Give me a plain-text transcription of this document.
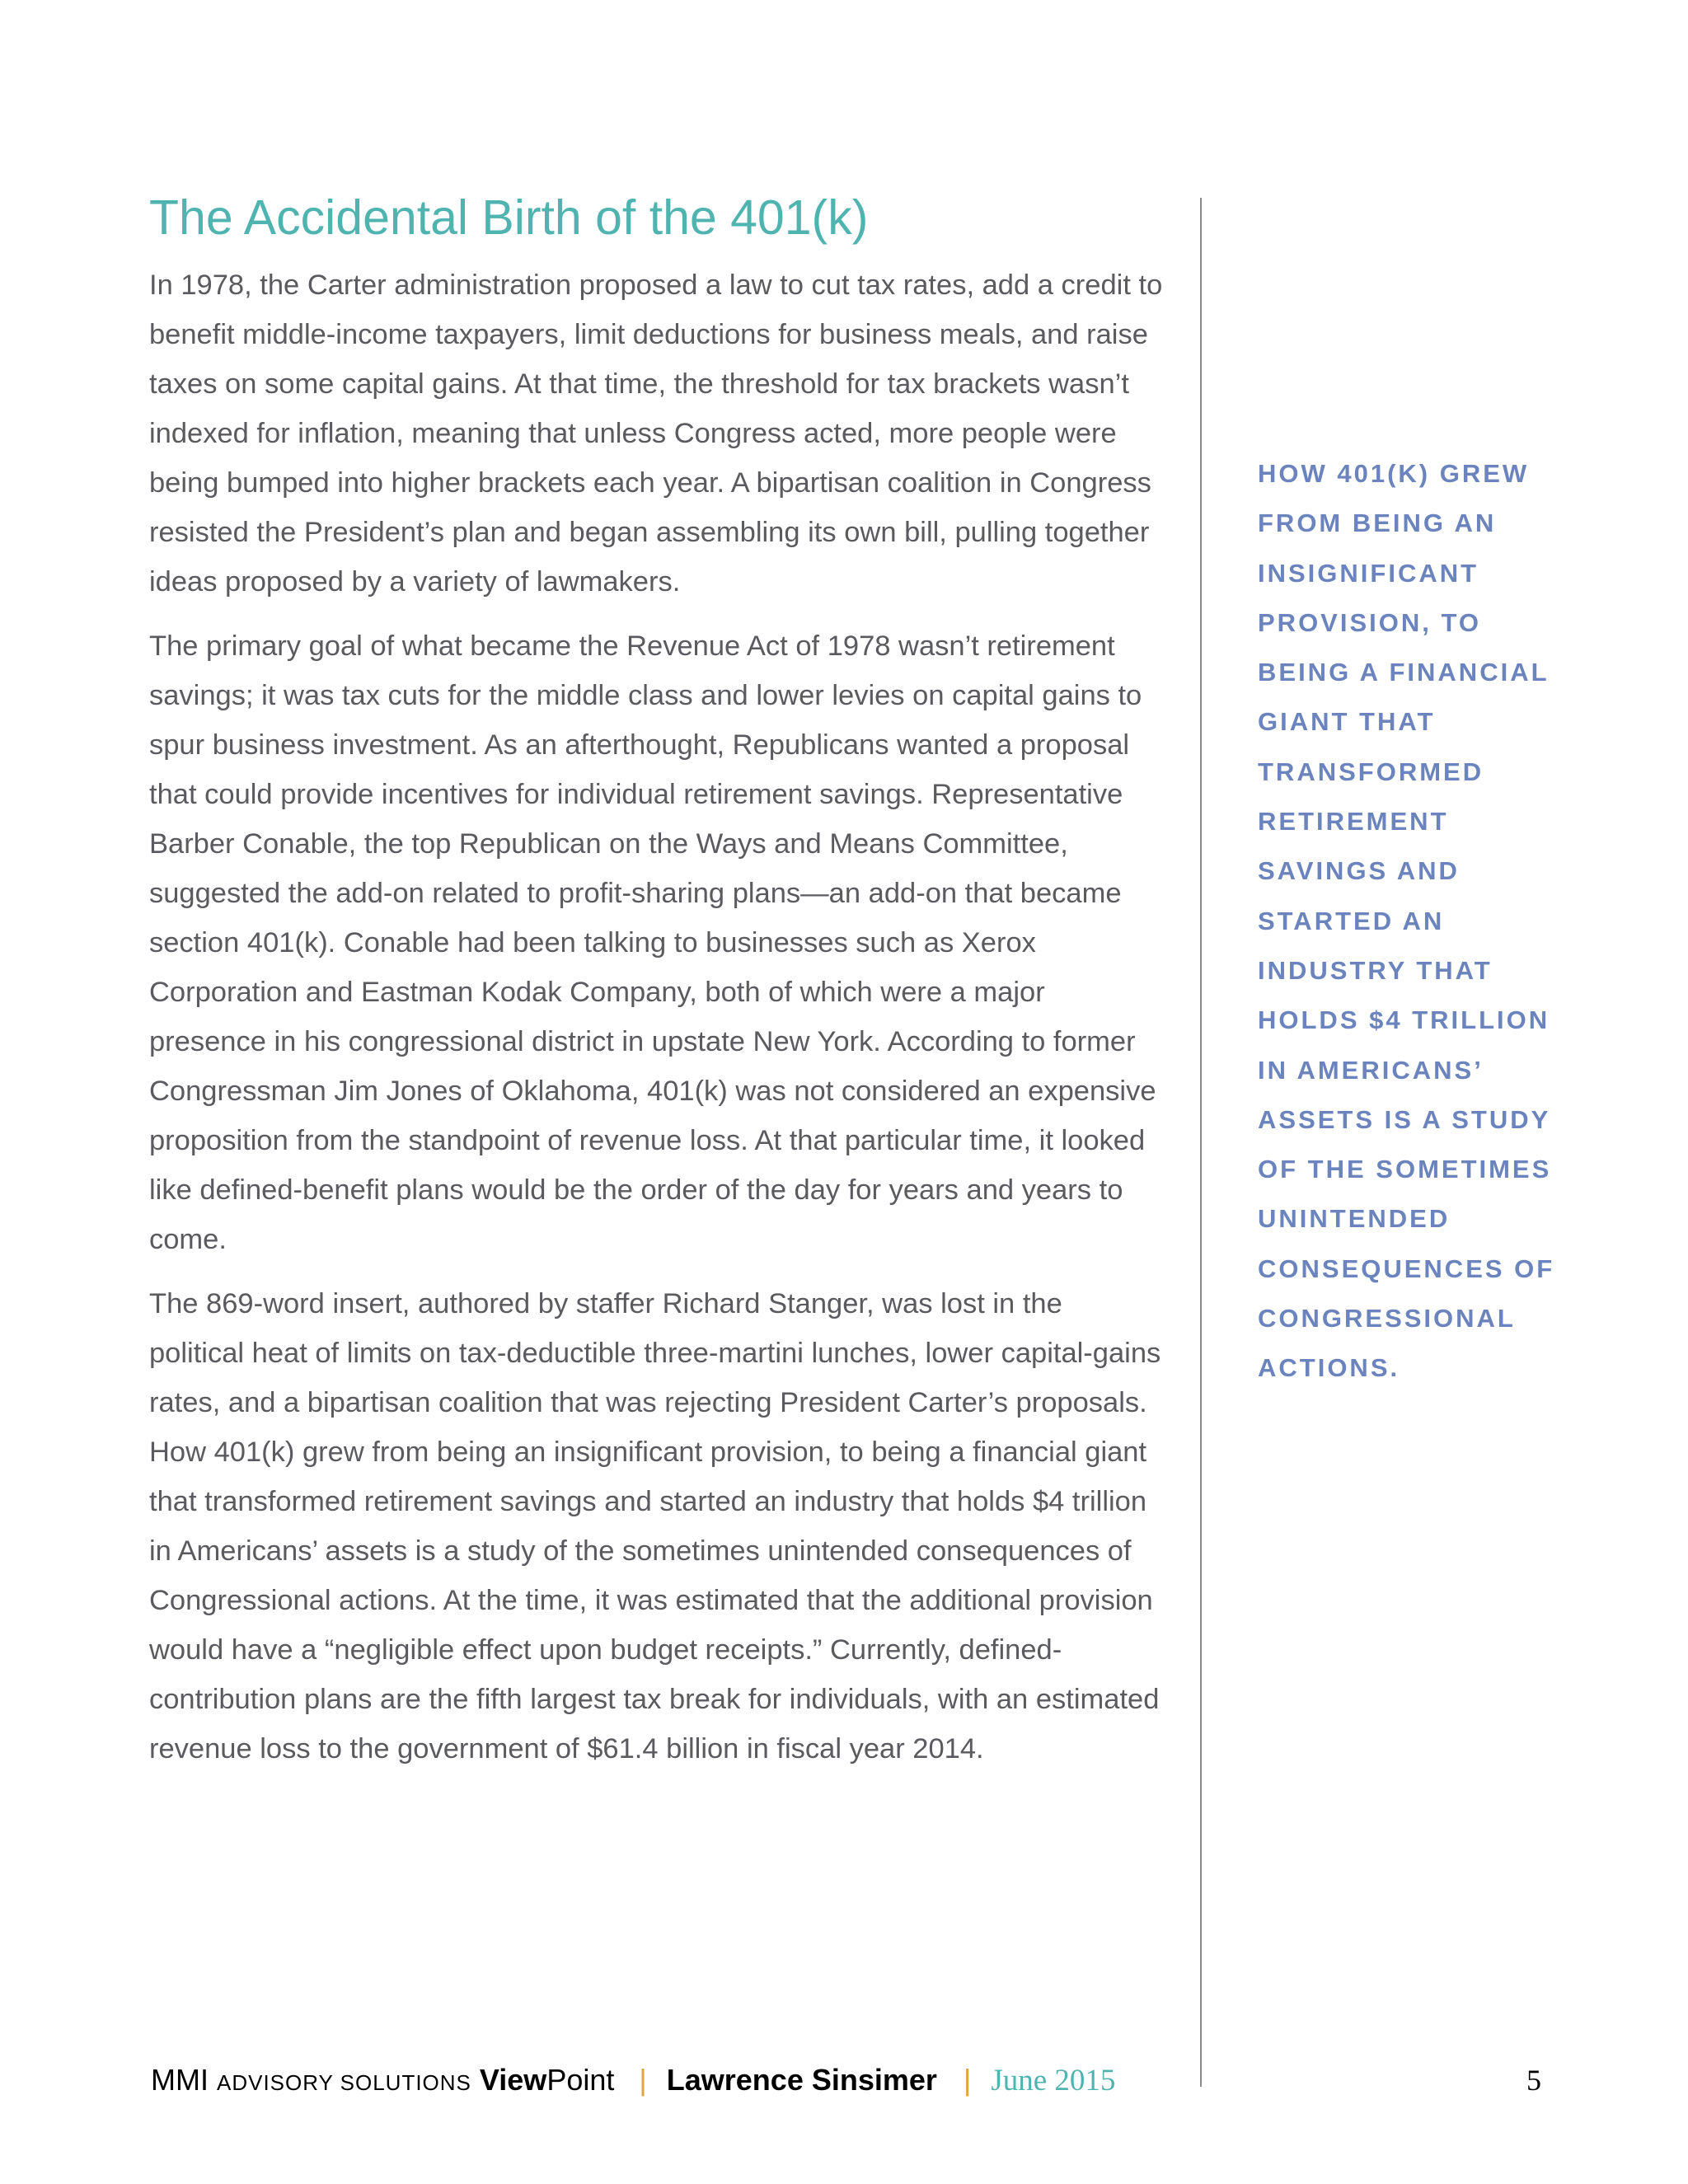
The Accidental Birth of the 401(k)

In 1978, the Carter administration proposed a law to cut tax rates, add a credit to benefit middle-income taxpayers, limit deductions for business meals, and raise taxes on some capital gains. At that time, the threshold for tax brackets wasn’t indexed for inflation, meaning that unless Congress acted, more people were being bumped into higher brackets each year. A bipartisan coalition in Congress resisted the President’s plan and began assembling its own bill, pulling together ideas proposed by a variety of lawmakers.

The primary goal of what became the Revenue Act of 1978 wasn’t retirement savings; it was tax cuts for the middle class and lower levies on capital gains to spur business investment. As an afterthought, Republicans wanted a proposal that could provide incentives for individual retirement savings. Representative Barber Conable, the top Republican on the Ways and Means Committee, suggested the add-on related to profit-sharing plans—an add-on that became section 401(k). Conable had been talking to businesses such as Xerox Corporation and Eastman Kodak Company, both of which were a major presence in his congressional district in upstate New York. According to former Congressman Jim Jones of Oklahoma, 401(k) was not considered an expensive proposition from the standpoint of revenue loss. At that particular time, it looked like defined-benefit plans would be the order of the day for years and years to come.

The 869-word insert, authored by staffer Richard Stanger, was lost in the political heat of limits on tax-deductible three-martini lunches, lower capital-gains rates, and a bipartisan coalition that was rejecting President Carter’s proposals. How 401(k) grew from being an insignificant provision, to being a financial giant that transformed retirement savings and started an industry that holds $4 trillion in Americans’ assets is a study of the sometimes unintended consequences of Congressional actions. At the time, it was estimated that the additional provision would have a “negligible effect upon budget receipts.” Currently, defined-contribution plans are the fifth largest tax break for individuals, with an estimated revenue loss to the government of $61.4 billion in fiscal year 2014.

HOW 401(K) GREW FROM BEING AN INSIGNIFICANT PROVISION, TO BEING A FINANCIAL GIANT THAT TRANSFORMED RETIREMENT SAVINGS AND STARTED AN INDUSTRY THAT HOLDS $4 TRILLION IN AMERICANS’ ASSETS IS A STUDY OF THE SOMETIMES UNINTENDED CONSEQUENCES OF CONGRESSIONAL ACTIONS.

MMI ADVISORY SOLUTIONS ViewPoint | Lawrence Sinsimer | June 2015	5
